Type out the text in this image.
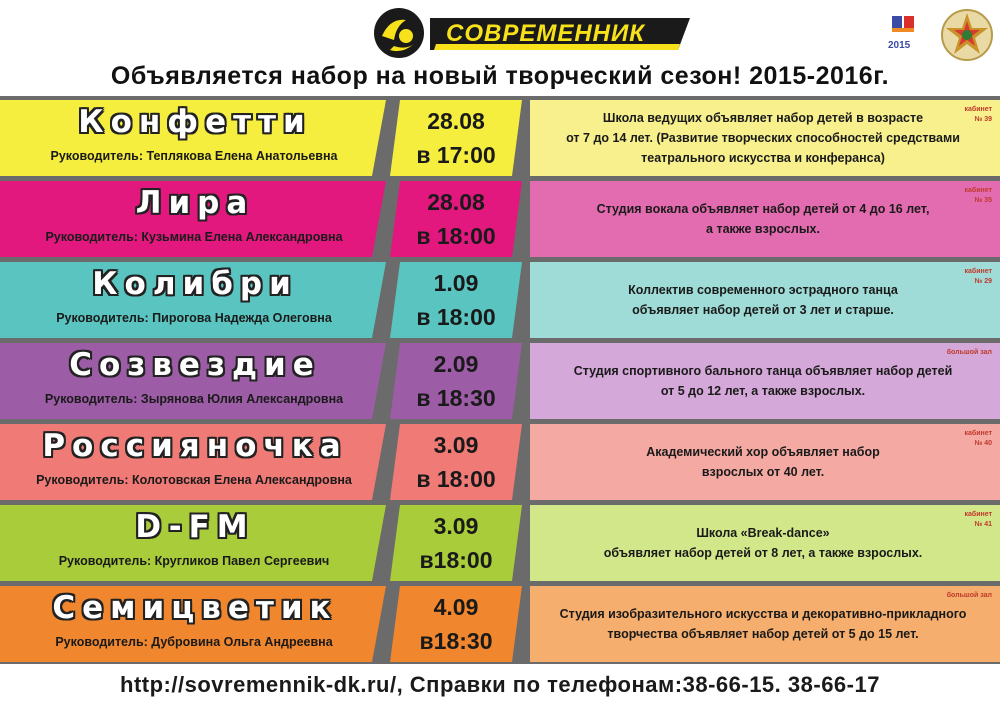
СОВРЕМЕННИК	2015
Объявляется набор на новый творческий сезон! 2015-2016г.
Конфетти
Руководитель: Теплякова Елена Анатольевна
28.08
в 17:00
Школа ведущих объявляет набор детей в возрасте
от 7 до 14 лет. (Развитие творческих способностей средствами
театрального искусства и конферанса)
кабинет
№ 39
Лира
Руководитель: Кузьмина Елена Александровна
28.08
в 18:00
Студия вокала объявляет набор детей от 4 до 16 лет,
а также взрослых.
кабинет
№ 35
Колибри
Руководитель: Пирогова Надежда Олеговна
1.09
в 18:00
Коллектив современного эстрадного танца
объявляет набор детей от 3 лет и старше.
кабинет
№ 29
Созвездие
Руководитель: Зырянова Юлия Александровна
2.09
в 18:30
Студия спортивного бального танца объявляет набор детей
от 5 до 12 лет, а также взрослых.
большой зал
Россияночка
Руководитель: Колотовская Елена Александровна
3.09
в 18:00
Академический хор объявляет набор
взрослых от 40 лет.
кабинет
№ 40
D-FM
Руководитель: Кругликов Павел Сергеевич
3.09
в18:00
Школа «Break-dance»
объявляет набор детей от 8 лет, а также взрослых.
кабинет
№ 41
Семицветик
Руководитель: Дубровина Ольга Андреевна
4.09
в18:30
Студия изобразительного искусства и декоративно-прикладного
творчества объявляет набор детей от 5 до 15 лет.
большой зал
http://sovremennik-dk.ru/, Справки по телефонам:38-66-15. 38-66-17
